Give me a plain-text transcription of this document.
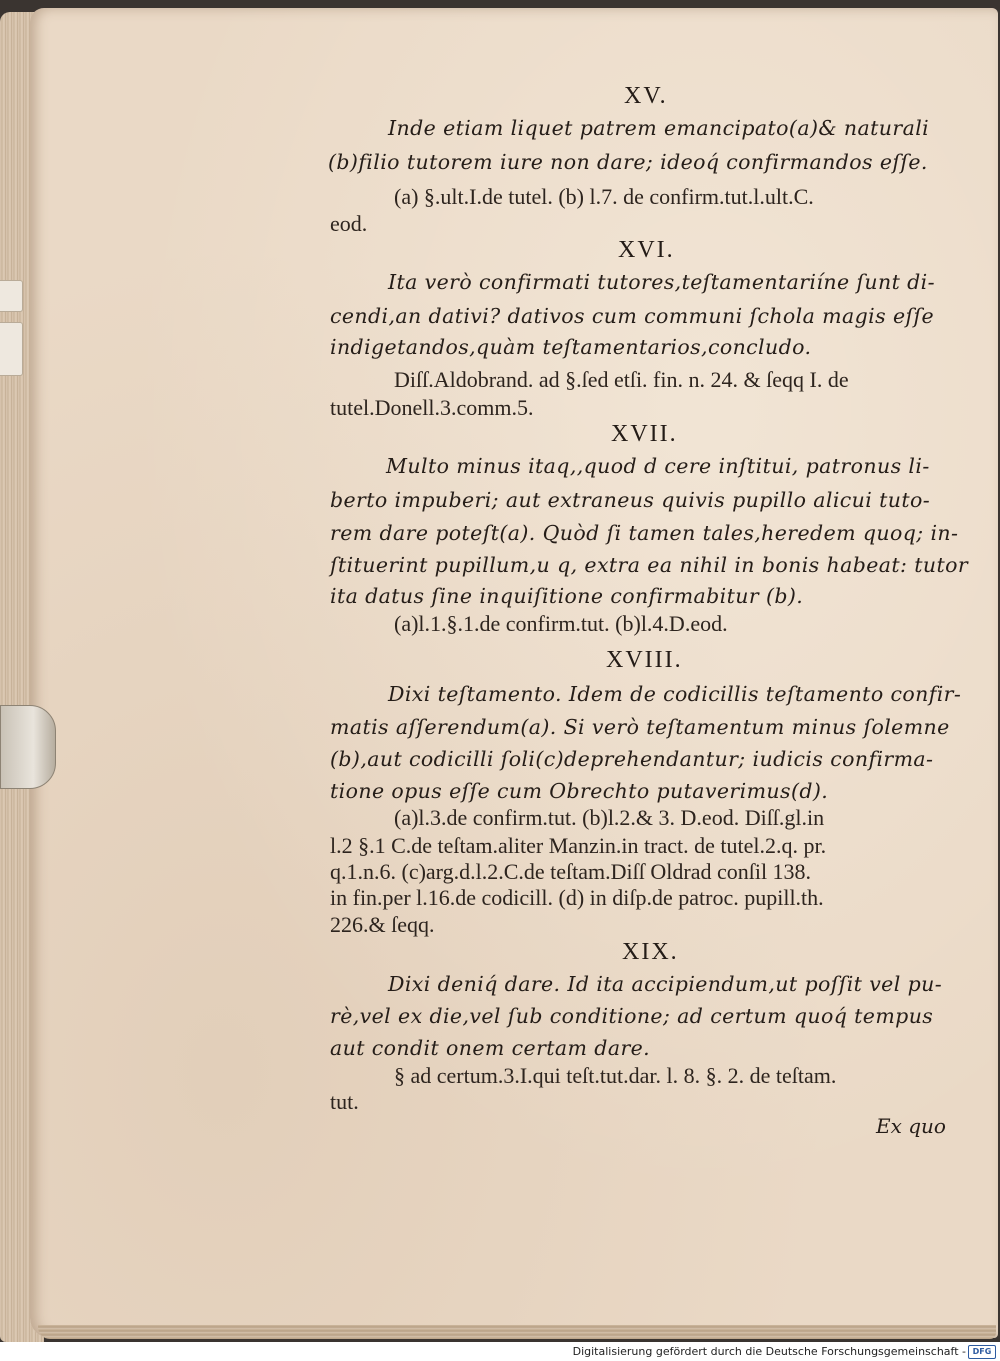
XV.
Inde etiam liquet patrem emancipato(a)& naturali
(b)filio tutorem iure non dare; ideoq́ confirmandos eſſe.
(a) §.ult.I.de tutel. (b) l.7. de confirm.tut.l.ult.C.
eod.
XVI.
Ita verò confirmati tutores,teſtamentariíne ſunt di-
cendi,an dativi? dativos cum communi ſchola magis eſſe
indigetandos,quàm teſtamentarios,concludo.
Diſſ.Aldobrand. ad §.ſed etſi. fin. n. 24. & ſeqq I. de
tutel.Donell.3.comm.5.
XVII.
Multo minus itaq,,quod d cere inſtitui, patronus li-
berto impuberi; aut extraneus quivis pupillo alicui tuto-
rem dare poteſt(a). Quòd ſi tamen tales,heredem quoq; in-
ſtituerint pupillum,u q, extra ea nihil in bonis habeat: tutor
ita datus ſine inquiſitione confirmabitur (b).
(a)l.1.§.1.de confirm.tut. (b)l.4.D.eod.
XVIII.
Dixi teſtamento. Idem de codicillis teſtamento confir-
matis aſſerendum(a). Si verò teſtamentum minus ſolemne
(b),aut codicilli ſoli(c)deprehendantur; iudicis confirma-
tione opus eſſe cum Obrechto putaverimus(d).
(a)l.3.de confirm.tut. (b)l.2.& 3. D.eod. Diſſ.gl.in
l.2 §.1 C.de teſtam.aliter Manzin.in tract. de tutel.2.q. pr.
q.1.n.6. (c)arg.d.l.2.C.de teſtam.Diſſ Oldrad conſil 138.
in fin.per l.16.de codicill. (d) in diſp.de patroc. pupill.th.
226.& ſeqq.
XIX.
Dixi deniq́ dare. Id ita accipiendum,ut poſſit vel pu-
rè,vel ex die,vel ſub conditione; ad certum quoq́ tempus
aut condit onem certam dare.
§ ad certum.3.I.qui teſt.tut.dar. l. 8. §. 2. de teſtam.
tut.
Ex quo
Digitalisierung gefördert durch die Deutsche Forschungsgemeinschaft - DFG
